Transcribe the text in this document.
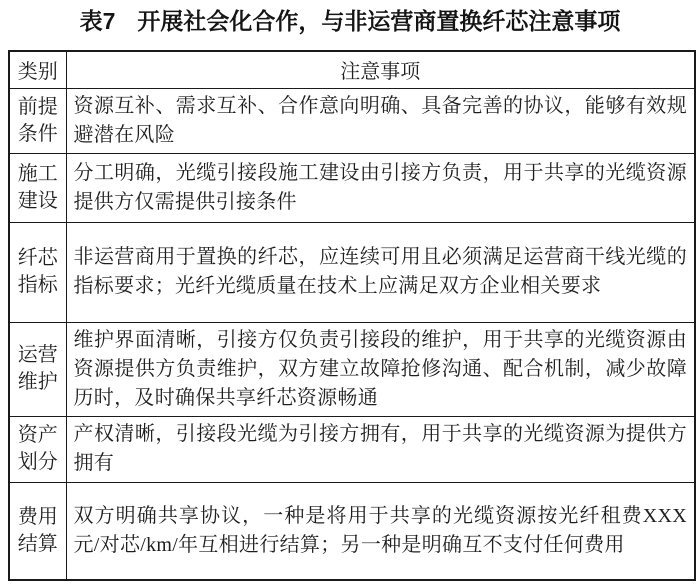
表7 开展社会化合作，与非运营商置换纤芯注意事项
类别	注意事项

前提
条件	资源互补、需求互补、合作意向明确、具备完善的协议，能够有效规避潜在风险

施工
建设	分工明确，光缆引接段施工建设由引接方负责，用于共享的光缆资源提供方仅需提供引接条件

纤芯
指标	非运营商用于置换的纤芯，应连续可用且必须满足运营商干线光缆的指标要求；光纤光缆质量在技术上应满足双方企业相关要求

运营
维护	维护界面清晰，引接方仅负责引接段的维护，用于共享的光缆资源由资源提供方负责维护，双方建立故障抢修沟通、配合机制，减少故障历时，及时确保共享纤芯资源畅通

资产
划分	产权清晰，引接段光缆为引接方拥有，用于共享的光缆资源为提供方拥有

费用
结算	双方明确共享协议，一种是将用于共享的光缆资源按光纤租费XXX 元/对芯/km/年互相进行结算；另一种是明确互不支付任何费用
